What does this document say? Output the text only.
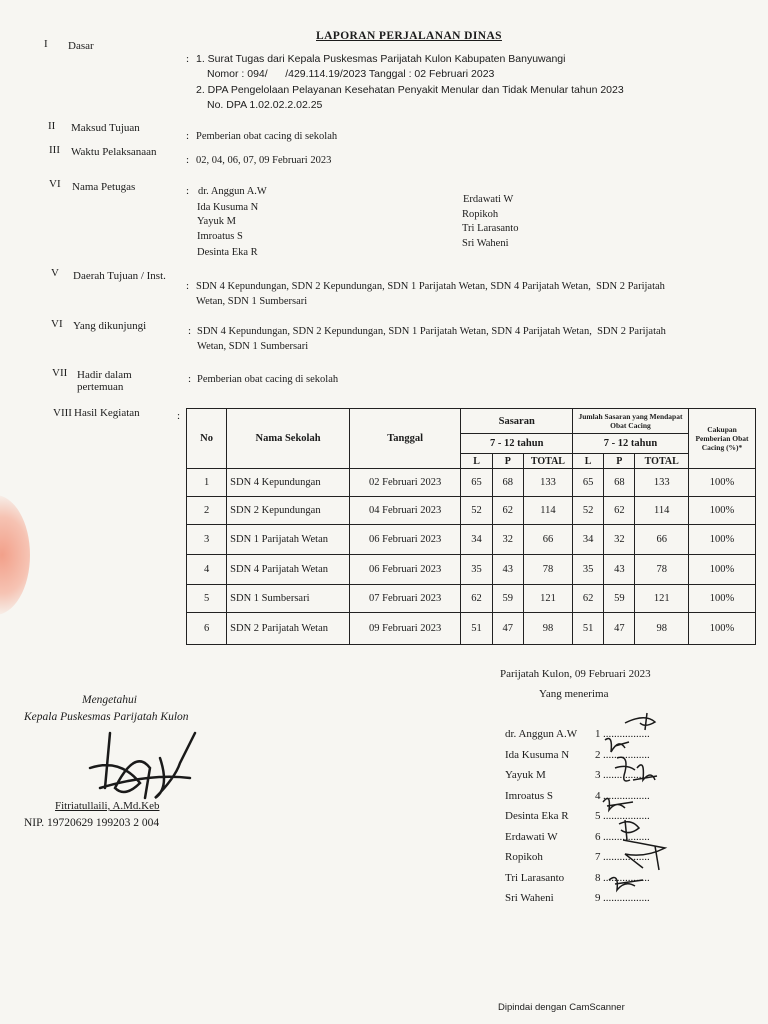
LAPORAN PERJALANAN DINAS
I Dasar
: 1. Surat Tugas dari Kepala Puskesmas Parijatah Kulon Kabupaten Banyuwangi
Nomor : 094/      /429.114.19/2023 Tanggal : 02 Februari 2023
2. DPA Pengelolaan Pelayanan Kesehatan Penyakit Menular dan Tidak Menular tahun 2023
No. DPA 1.02.02.2.02.25
II Maksud Tujuan
: Pemberian obat cacing di sekolah
III Waktu Pelaksanaan
: 02, 04, 06, 07, 09 Februari 2023
VI Nama Petugas	: dr. Anggun A.W
Ida Kusuma N
Yayuk M
Imroatus S
Desinta Eka R
Erdawati W
Ropikoh
Tri Larasanto
Sri Waheni
V Daerah Tujuan / Inst.
: SDN 4 Kepundungan, SDN 2 Kepundungan, SDN 1 Parijatah Wetan, SDN 4 Parijatah Wetan,  SDN 2 Parijatah
Wetan, SDN 1 Sumbersari
VI Yang dikunjungi	: SDN 4 Kepundungan, SDN 2 Kepundungan, SDN 1 Parijatah Wetan, SDN 4 Parijatah Wetan,  SDN 2 Parijatah
Wetan, SDN 1 Sumbersari
VII Hadir dalam
pertemuan
: Pemberian obat cacing di sekolah
VIII Hasil Kegiatan	:
No	Nama Sekolah	Tanggal	Sasaran			Jumlah Sasaran yang Mendapat Obat Cacing			Cakupan Pemberian Obat Cacing (%)*
			7 - 12 tahun			7 - 12 tahun			
			L	P	TOTAL	L	P	TOTAL	
1	SDN 4 Kepundungan	02 Februari 2023	65	68	133	65	68	133	100%
2	SDN 2 Kepundungan	04 Februari 2023	52	62	114	52	62	114	100%
3	SDN 1 Parijatah Wetan	06 Februari 2023	34	32	66	34	32	66	100%
4	SDN 4 Parijatah Wetan	06 Februari 2023	35	43	78	35	43	78	100%
5	SDN 1 Sumbersari	07 Februari 2023	62	59	121	62	59	121	100%
6	SDN 2 Parijatah Wetan	09 Februari 2023	51	47	98	51	47	98	100%
Parijatah Kulon, 09 Februari 2023
Yang menerima
Mengetahui
Kepala Puskesmas Parijatah Kulon
Fitriatullaili, A.Md.Keb
NIP. 19720629 199203 2 004
dr. Anggun A.W	1 .................
Ida Kusuma N	2 .................
Yayuk M	3 .................
Imroatus S	4 .................
Desinta Eka R	5 .................
Erdawati W	6 .................
Ropikoh	7 .................
Tri Larasanto	8 .................
Sri Waheni	9 .................
Dipindai dengan CamScanner
